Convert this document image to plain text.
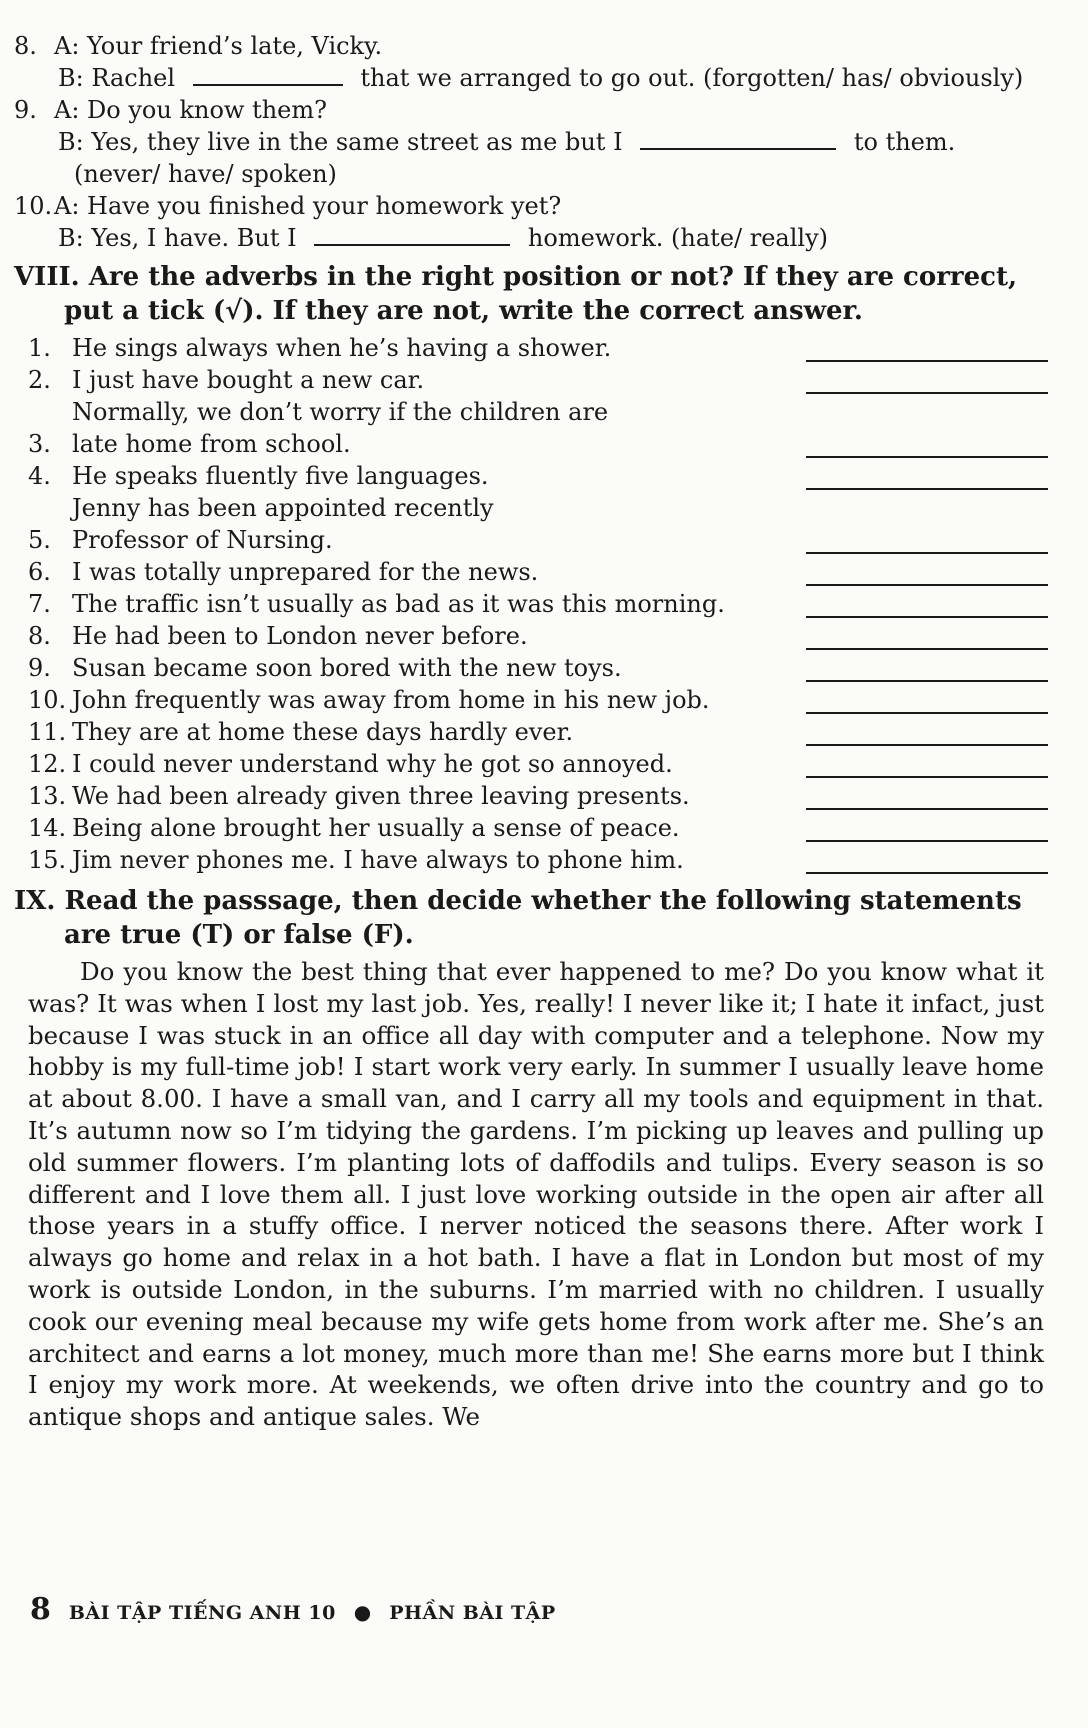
8. A: Your friend’s late, Vicky.
B: Rachel	that we arranged to go out. (forgotten/ has/ obviously)
9. A: Do you know them?
B: Yes, they live in the same street as me but I	to them.
(never/ have/ spoken)
10. A: Have you finished your homework yet?
B: Yes, I have. But I	homework. (hate/ really)
VIII. Are the adverbs in the right position or not? If they are correct,
put a tick (√). If they are not, write the correct answer.
1. He sings always when he’s having a shower.
2. I just have bought a new car.
3.
Normally, we don’t worry if the children are
late home from school.
4. He speaks fluently five languages.
5.
Jenny has been appointed recently
Professor of Nursing.
6. I was totally unprepared for the news.
7. The traffic isn’t usually as bad as it was this morning.
8. He had been to London never before.
9. Susan became soon bored with the new toys.
10. John frequently was away from home in his new job.
11. They are at home these days hardly ever.
12. I could never understand why he got so annoyed.
13. We had been already given three leaving presents.
14. Being alone brought her usually a sense of peace.
15. Jim never phones me. I have always to phone him.
IX. Read the passsage, then decide whether the following statements
are true (T) or false (F).
Do you know the best thing that ever happened to me? Do you know what it was? It was when I lost my last job. Yes, really! I never like it; I hate it infact, just because I was stuck in an office all day with computer and a telephone. Now my hobby is my full-time job! I start work very early. In summer I usually leave home at about 8.00. I have a small van, and I carry all my tools and equipment in that. It’s autumn now so I’m tidying the gardens. I’m picking up leaves and pulling up old summer flowers. I’m planting lots of daffodils and tulips. Every season is so different and I love them all. I just love working outside in the open air after all those years in a stuffy office. I nerver noticed the seasons there. After work I always go home and relax in a hot bath. I have a flat in London but most of my work is outside London, in the suburns. I’m married with no children. I usually cook our evening meal because my wife gets home from work after me. She’s an architect and earns a lot money, much more than me! She earns more but I think I enjoy my work more. At weekends, we often drive into the country and go to antique shops and antique sales. We
8 BÀI TẬP TIẾNG ANH 10 ● PHẦN BÀI TẬP
